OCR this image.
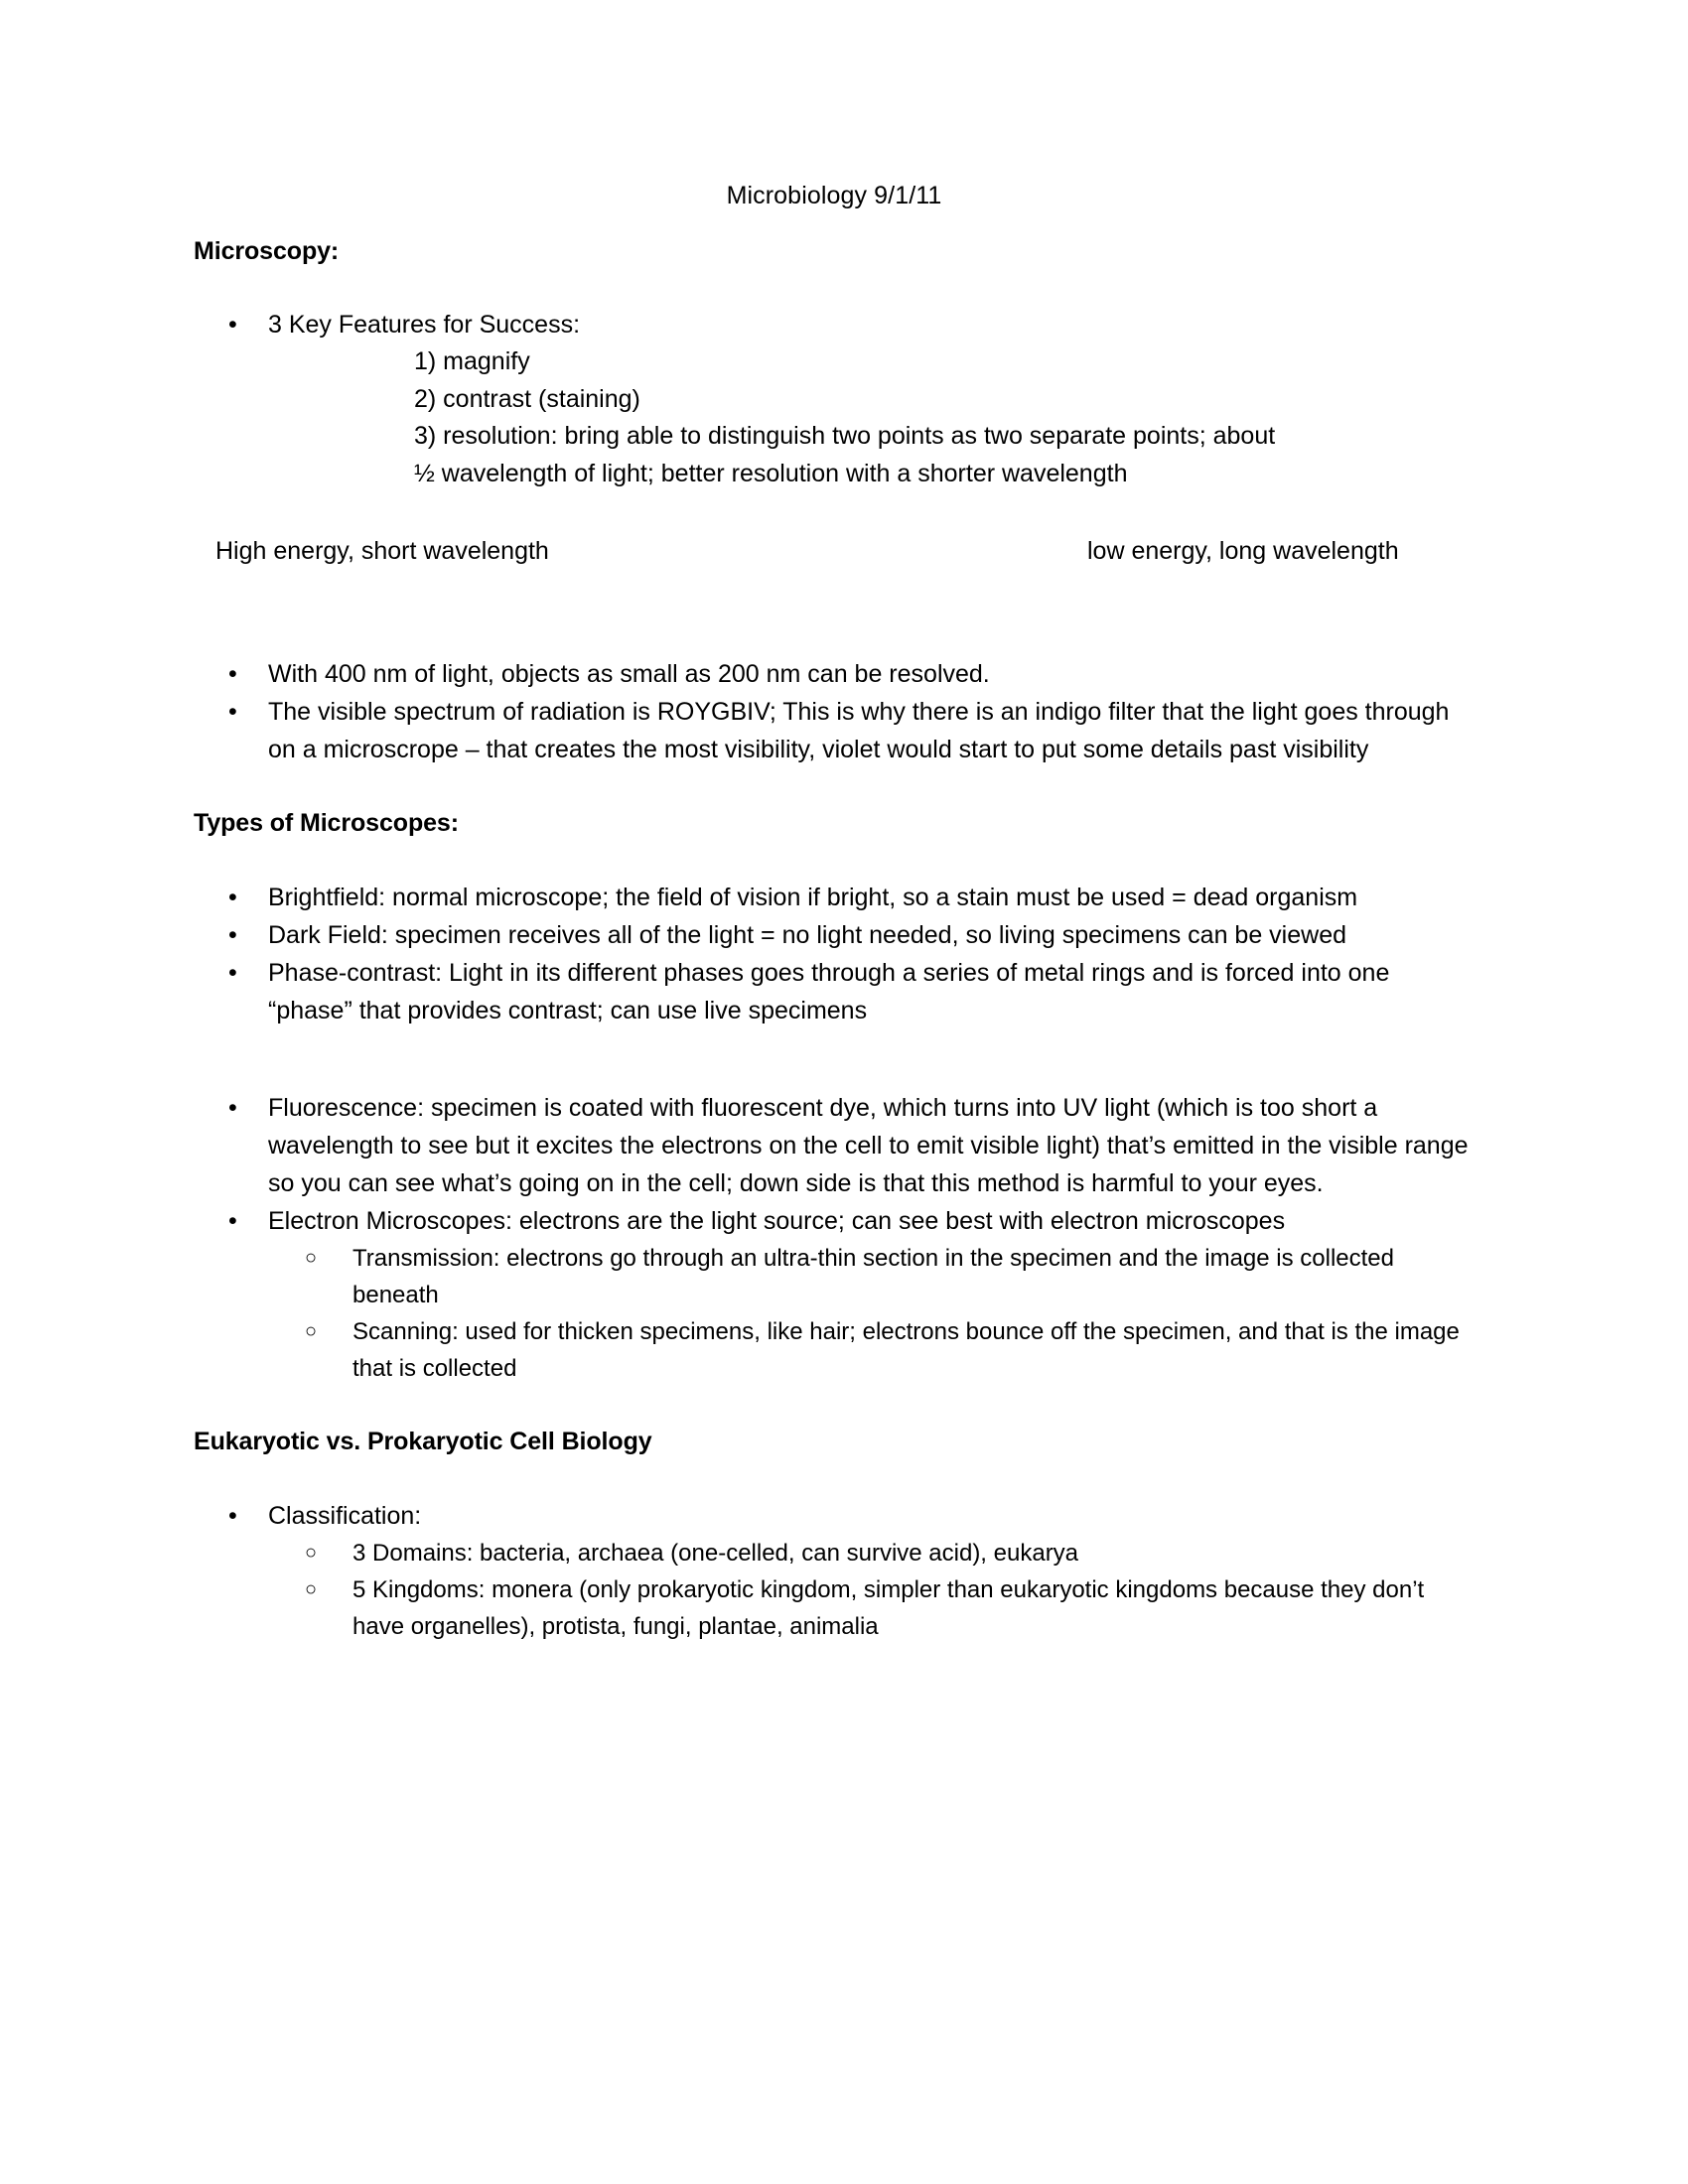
Microbiology 9/1/11
Microscopy:
• 3 Key Features for Success:
1) magnify
2) contrast (staining)
3) resolution: bring able to distinguish two points as two separate points; about
½ wavelength of light; better resolution with a shorter wavelength
High energy, short wavelength	low energy, long wavelength
• With 400 nm of light, objects as small as 200 nm can be resolved.
• The visible spectrum of radiation is ROYGBIV; This is why there is an indigo filter that the light goes through on a microscrope – that creates the most visibility, violet would start to put some details past visibility
Types of Microscopes:
• Brightfield: normal microscope; the field of vision if bright, so a stain must be used = dead organism
• Dark Field: specimen receives all of the light = no light needed, so living specimens can be viewed
• Phase-contrast: Light in its different phases goes through a series of metal rings and is forced into one “phase” that provides contrast; can use live specimens
• Fluorescence: specimen is coated with fluorescent dye, which turns into UV light (which is too short a wavelength to see but it excites the electrons on the cell to emit visible light) that’s emitted in the visible range so you can see what’s going on in the cell; down side is that this method is harmful to your eyes.
• Electron Microscopes: electrons are the light source; can see best with electron microscopes
○ Transmission: electrons go through an ultra-thin section in the specimen and the image is collected beneath
○ Scanning: used for thicken specimens, like hair; electrons bounce off the specimen, and that is the image that is collected
Eukaryotic vs. Prokaryotic Cell Biology
• Classification:
○ 3 Domains: bacteria, archaea (one-celled, can survive acid), eukarya
○ 5 Kingdoms: monera (only prokaryotic kingdom, simpler than eukaryotic kingdoms because they don’t have organelles), protista, fungi, plantae, animalia
